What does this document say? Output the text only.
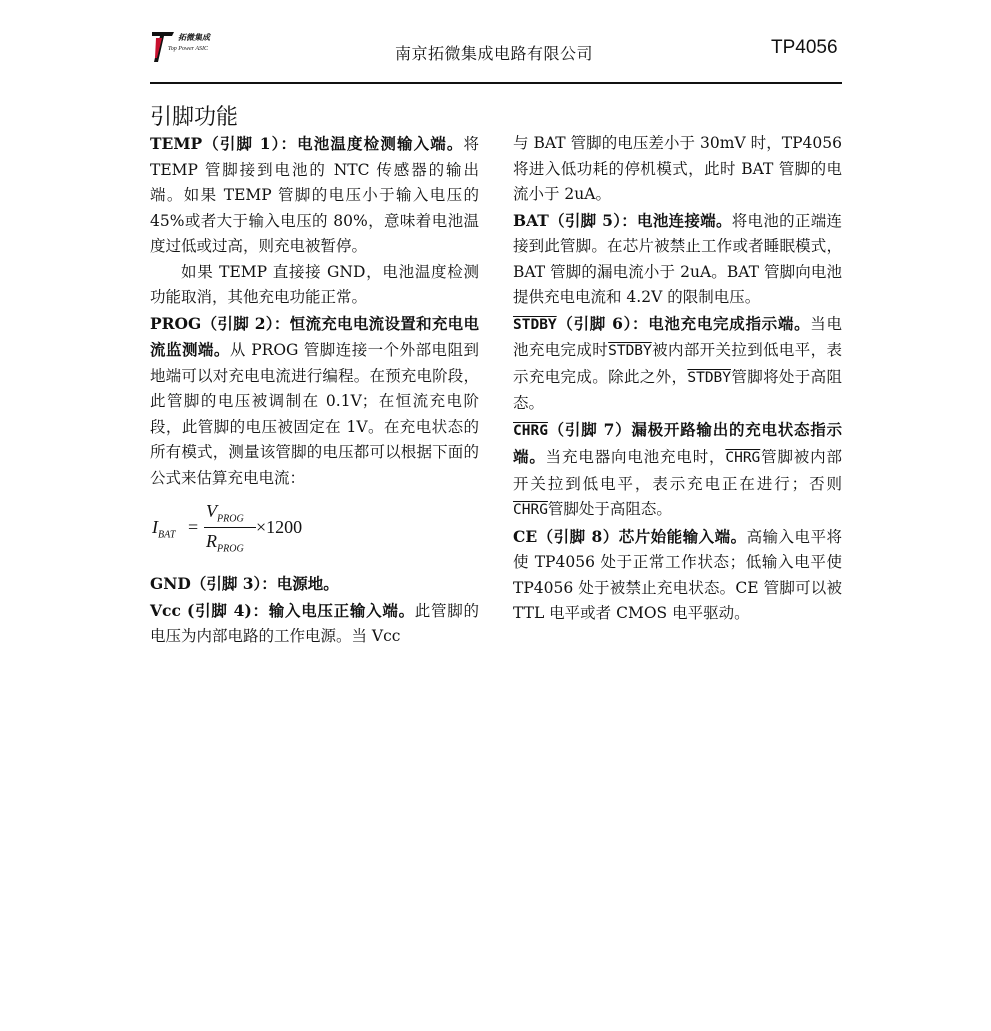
拓微集成
Top Power ASIC	南京拓微集成电路有限公司	TP4056
引脚功能

TEMP（引脚 1）：电池温度检测输入端。将 TEMP 管脚接到电池的 NTC 传感器的输出端。如果 TEMP 管脚的电压小于输入电压的 45%或者大于输入电压的 80%，意味着电池温度过低或过高，则充电被暂停。

如果 TEMP 直接接 GND，电池温度检测功能取消，其他充电功能正常。

PROG（引脚 2）：恒流充电电流设置和充电电流监测端。从 PROG 管脚连接一个外部电阻到地端可以对充电电流进行编程。在预充电阶段，此管脚的电压被调制在 0.1V；在恒流充电阶段，此管脚的电压被固定在 1V。在充电状态的所有模式，测量该管脚的电压都可以根据下面的公式来估算充电电流：

$I_{BAT}$ =
$V_{PROG}$
$R_{PROG}$
×1200

GND（引脚 3）：电源地。

Vcc (引脚 4)：输入电压正输入端。此管脚的电压为内部电路的工作电源。当 Vcc

与 BAT 管脚的电压差小于 30mV 时，TP4056 将进入低功耗的停机模式，此时 BAT 管脚的电流小于 2uA。

BAT（引脚 5）：电池连接端。将电池的正端连接到此管脚。在芯片被禁止工作或者睡眠模式，BAT 管脚的漏电流小于 2uA。BAT 管脚向电池提供充电电流和 4.2V 的限制电压。

STDBY（引脚 6）：电池充电完成指示端。当电池充电完成时STDBY被内部开关拉到低电平，表示充电完成。除此之外，STDBY管脚将处于高阻态。

CHRG（引脚 7）漏极开路输出的充电状态指示端。当充电器向电池充电时，CHRG管脚被内部开关拉到低电平，表示充电正在进行；否则CHRG管脚处于高阻态。

CE（引脚 8）芯片始能输入端。高输入电平将使 TP4056 处于正常工作状态；低输入电平使 TP4056 处于被禁止充电状态。CE 管脚可以被 TTL 电平或者 CMOS 电平驱动。
